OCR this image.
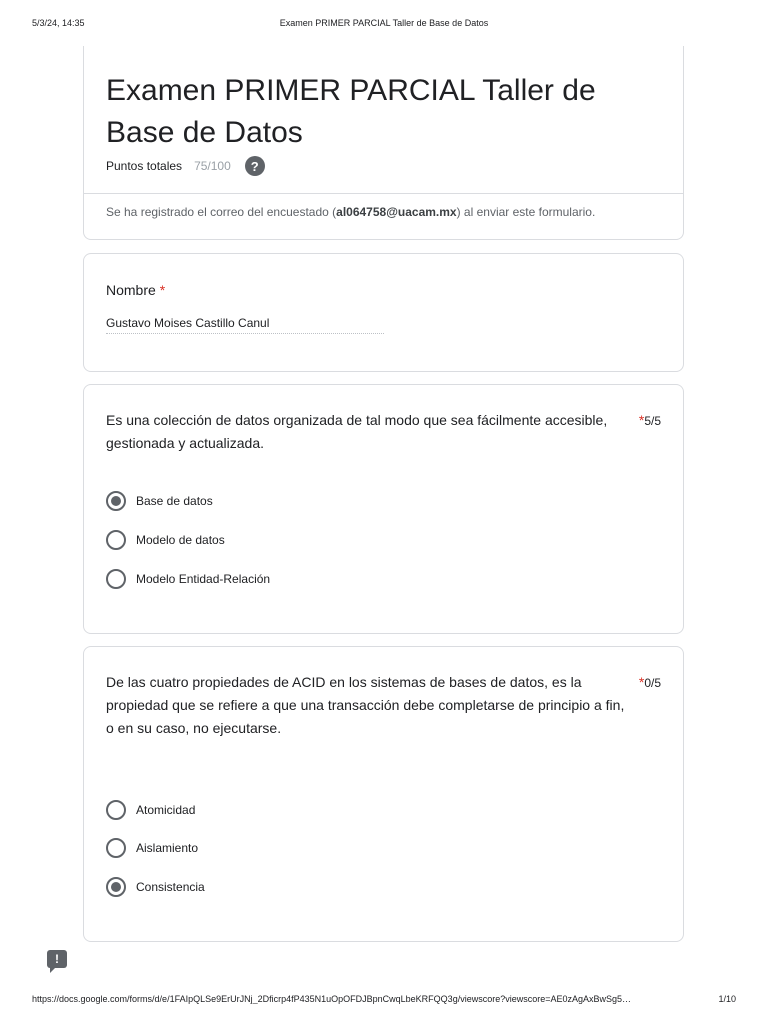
5/3/24, 14:35	Examen PRIMER PARCIAL Taller de Base de Datos
Examen PRIMER PARCIAL Taller de Base de Datos
Puntos totales 75/100	?
Se ha registrado el correo del encuestado (al064758@uacam.mx) al enviar este formulario.
Nombre *
Gustavo Moises Castillo Canul

Es una colección de datos organizada de tal modo que sea fácilmente accesible, gestionada y actualizada.

*5/5
Base de datos
Modelo de datos
Modelo Entidad-Relación

De las cuatro propiedades de ACID en los sistemas de bases de datos, es la propiedad que se refiere a que una transacción debe completarse de principio a fin, o en su caso, no ejecutarse.

*0/5
Atomicidad
Aislamiento
Consistencia
!
https://docs.google.com/forms/d/e/1FAIpQLSe9ErUrJNj_2Dficrp4fP435N1uOpOFDJBpnCwqLbeKRFQQ3g/viewscore?viewscore=AE0zAgAxBwSg5…	1/10
